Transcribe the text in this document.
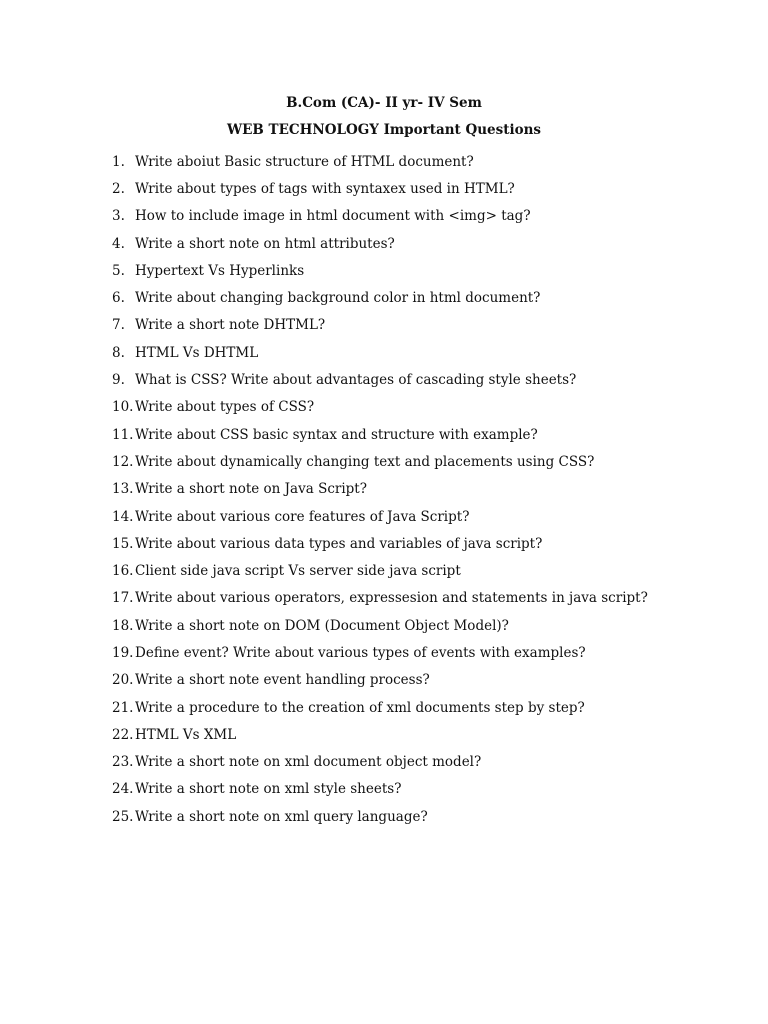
B.Com (CA)- II yr- IV Sem
WEB TECHNOLOGY Important Questions
1. Write aboiut Basic structure of HTML document?
2. Write about types of tags with syntaxex used in HTML?
3. How to include image in html document with <img> tag?
4. Write a short note on html attributes?
5. Hypertext Vs Hyperlinks
6. Write about changing background color in html document?
7. Write a short note DHTML?
8. HTML Vs DHTML
9. What is CSS? Write about advantages of cascading style sheets?
10. Write about types of CSS?
11. Write about CSS basic syntax and structure with example?
12. Write about dynamically changing text and placements using CSS?
13. Write a short note on Java Script?
14. Write about various core features of Java Script?
15. Write about various data types and variables of java script?
16. Client side java script Vs server side java script
17. Write about various operators, expressesion and statements in java script?
18. Write a short note on DOM (Document Object Model)?
19. Define event? Write about various types of events with examples?
20. Write a short note event handling process?
21. Write a procedure to the creation of xml documents step by step?
22. HTML Vs XML
23. Write a short note on xml document object model?
24. Write a short note on xml style sheets?
25. Write a short note on xml query language?
